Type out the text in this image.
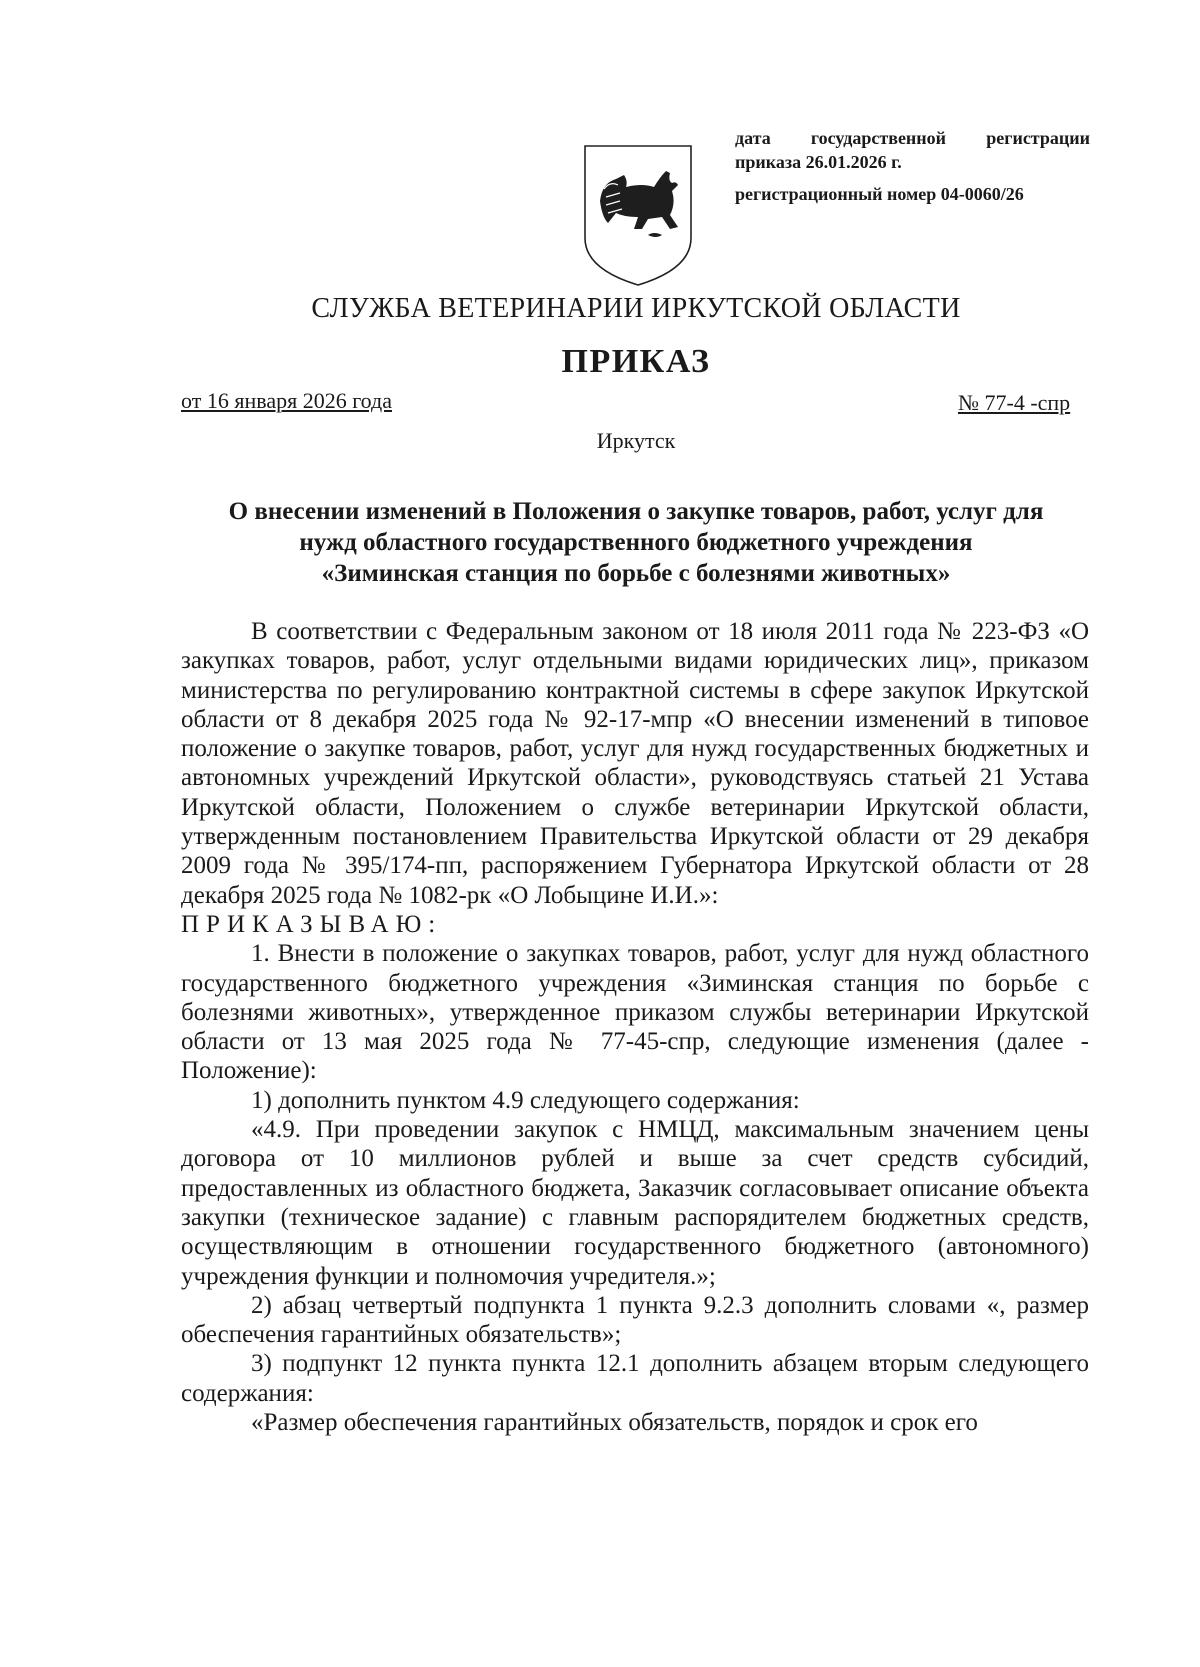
дата государственной регистрации
приказа 26.01.2026 г.
регистрационный номер 04-0060/26
СЛУЖБА ВЕТЕРИНАРИИ ИРКУТСКОЙ ОБЛАСТИ
ПРИКАЗ
от 16 января 2026 года	№ 77-4 -спр
Иркутск
О внесении изменений в Положения о закупке товаров, работ, услуг для
нужд областного государственного бюджетного учреждения
«Зиминская станция по борьбе с болезнями животных»

В соответствии с Федеральным законом от 18 июля 2011 года № 223-ФЗ «О закупках товаров, работ, услуг отдельными видами юридических лиц», приказом министерства по регулированию контрактной системы в сфере закупок Иркутской области от 8 декабря 2025 года № 92-17-мпр «О внесении изменений в типовое положение о закупке товаров, работ, услуг для нужд государственных бюджетных и автономных учреждений Иркутской области», руководствуясь статьей 21 Устава Иркутской области, Положением о службе ветеринарии Иркутской области, утвержденным постановлением Правительства Иркутской области от 29 декабря 2009 года № 395/174-пп, распоряжением Губернатора Иркутской области от 28 декабря 2025 года № 1082-рк «О Лобыцине И.И.»:

ПРИКАЗЫВАЮ:

1. Внести в положение о закупках товаров, работ, услуг для нужд областного государственного бюджетного учреждения «Зиминская станция по борьбе с болезнями животных», утвержденное приказом службы ветеринарии Иркутской области от 13 мая 2025 года № 77-45-спр, следующие изменения (далее - Положение):

1) дополнить пунктом 4.9 следующего содержания:

«4.9. При проведении закупок с НМЦД, максимальным значением цены договора от 10 миллионов рублей и выше за счет средств субсидий, предоставленных из областного бюджета, Заказчик согласовывает описание объекта закупки (техническое задание) с главным распорядителем бюджетных средств, осуществляющим в отношении государственного бюджетного (автономного) учреждения функции и полномочия учредителя.»;

2) абзац четвертый подпункта 1 пункта 9.2.3 дополнить словами «, размер обеспечения гарантийных обязательств»;

3) подпункт 12 пункта пункта 12.1 дополнить абзацем вторым следующего содержания:

«Размер обеспечения гарантийных обязательств, порядок и срок его
